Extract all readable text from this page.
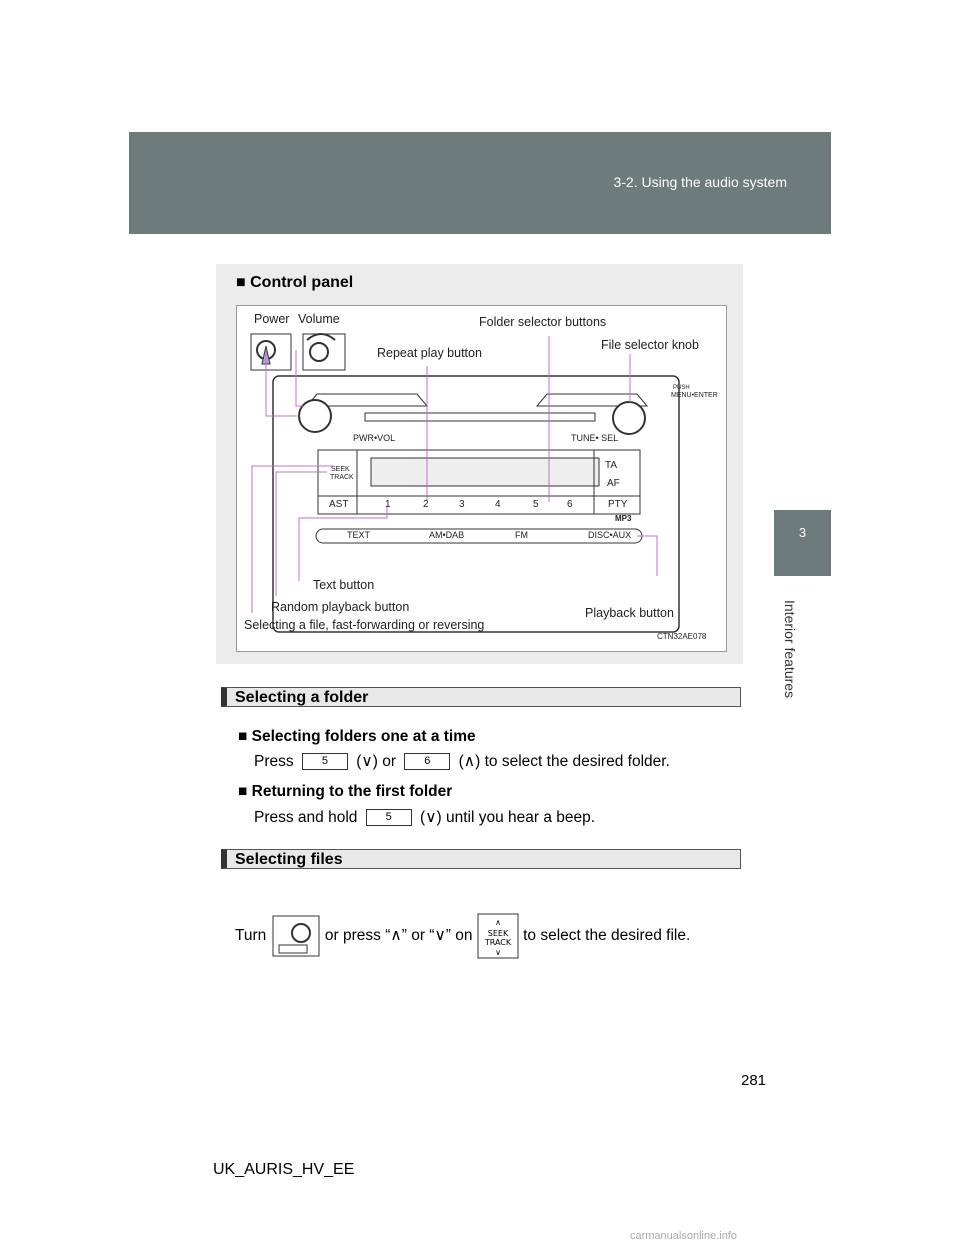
3-2. Using the audio system
3
Interior features
■ Control panel
Power Volume	Folder selector buttons
Repeat play button
File selector knob
PWR•VOL	TUNE• SEL
PUSH
MENU•ENTER
SEEK
TRACK
TA
AF
AST	PTY
1	2	3	4	5	6
MP3
TEXT	AM•DAB	FM	DISC•AUX
Text button
Random playback button
Selecting a file, fast-forwarding or reversing
Playback button
CTN32AE078
Selecting a folder
■ Selecting folders one at a time
Press	5 (∨) or	6 (∧) to select the desired folder.
■ Returning to the first folder
Press and hold	5 (∨) until you hear a beep.
Selecting files
Turn	or press “∧” or “∨” on
∧
SEEK
TRACK
∨
to select the desired file.
281
UK_AURIS_HV_EE
carmanualsonline.info
